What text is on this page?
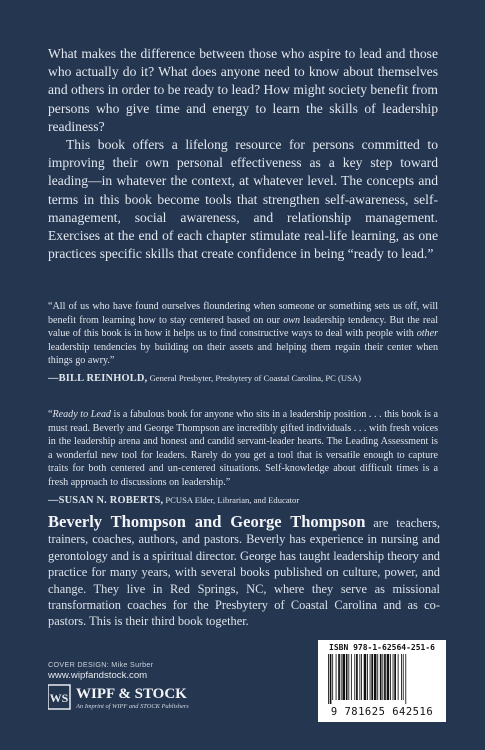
What makes the difference between those who aspire to lead and those who actually do it? What does anyone need to know about themselves and others in order to be ready to lead? How might society benefit from persons who give time and energy to learn the skills of leadership readiness?

This book offers a lifelong resource for persons committed to improving their own personal effectiveness as a key step toward leading—in whatever the context, at whatever level. The concepts and terms in this book become tools that strengthen self-awareness, self-management, social awareness, and relationship management. Exercises at the end of each chapter stimulate real-life learning, as one practices specific skills that create confidence in being “ready to lead.”

“All of us who have found ourselves floundering when someone or something sets us off, will benefit from learning how to stay centered based on our own leadership tendency. But the real value of this book is in how it helps us to find constructive ways to deal with people with other leadership tendencies by building on their assets and helping them regain their center when things go awry.”

—BILL REINHOLD, General Presbyter, Presbytery of Coastal Carolina, PC (USA)

“Ready to Lead is a fabulous book for anyone who sits in a leadership position . . . this book is a must read. Beverly and George Thompson are incredibly gifted individuals . . . with fresh voices in the leadership arena and honest and candid servant-leader hearts. The Leading Assessment is a wonderful new tool for leaders. Rarely do you get a tool that is versatile enough to capture traits for both centered and un-centered situations. Self-knowledge about difficult times is a fresh approach to discussions on leadership.”

—SUSAN N. ROBERTS, PCUSA Elder, Librarian, and Educator

Beverly Thompson and George Thompson are teachers, trainers, coaches, authors, and pastors. Beverly has experience in nursing and gerontology and is a spiritual director. George has taught leadership theory and practice for many years, with several books published on culture, power, and change. They live in Red Springs, NC, where they serve as missional transformation coaches for the Presbytery of Coastal Carolina and as co-pastors. This is their third book together.
COVER DESIGN: Mike Surber
www.wipfandstock.com
WS WIPF & STOCK
An Imprint of WIPF and STOCK Publishers
ISBN 978-1-62564-251-6
9 781625 642516
